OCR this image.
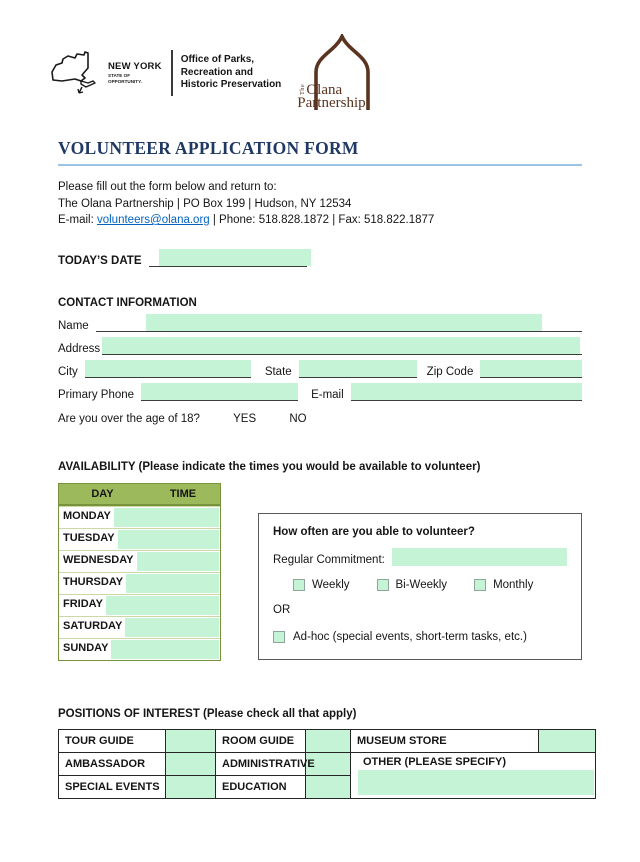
NEW YORK
STATE OF
OPPORTUNITY.
Office of Parks,
Recreation and
Historic Preservation	TheOlana
Partnership
VOLUNTEER APPLICATION FORM

Please fill out the form below and return to:
The Olana Partnership | PO Box 199 | Hudson, NY 12534
E-mail: volunteers@olana.org | Phone: 518.828.1872 | Fax: 518.822.1877

TODAY’S DATE
CONTACT INFORMATION
Name
Address
City	State	Zip Code
Primary Phone	E-mail
Are you over the age of 18?	YES	NO
AVAILABILITY (Please indicate the times you would be available to volunteer)
DAY	TIME
MONDAY
TUESDAY
WEDNESDAY
THURSDAY
FRIDAY
SATURDAY
SUNDAY
How often are you able to volunteer?
Regular Commitment:
Weekly	Bi-Weekly	Monthly
OR
Ad-hoc (special events, short-term tasks, etc.)
POSITIONS OF INTEREST (Please check all that apply)
TOUR GUIDE		ROOM GUIDE		MUSEUM STORE	
AMBASSADOR		ADMINISTRATIVE		OTHER (PLEASE SPECIFY)	

SPECIAL EVENTS		EDUCATION			
